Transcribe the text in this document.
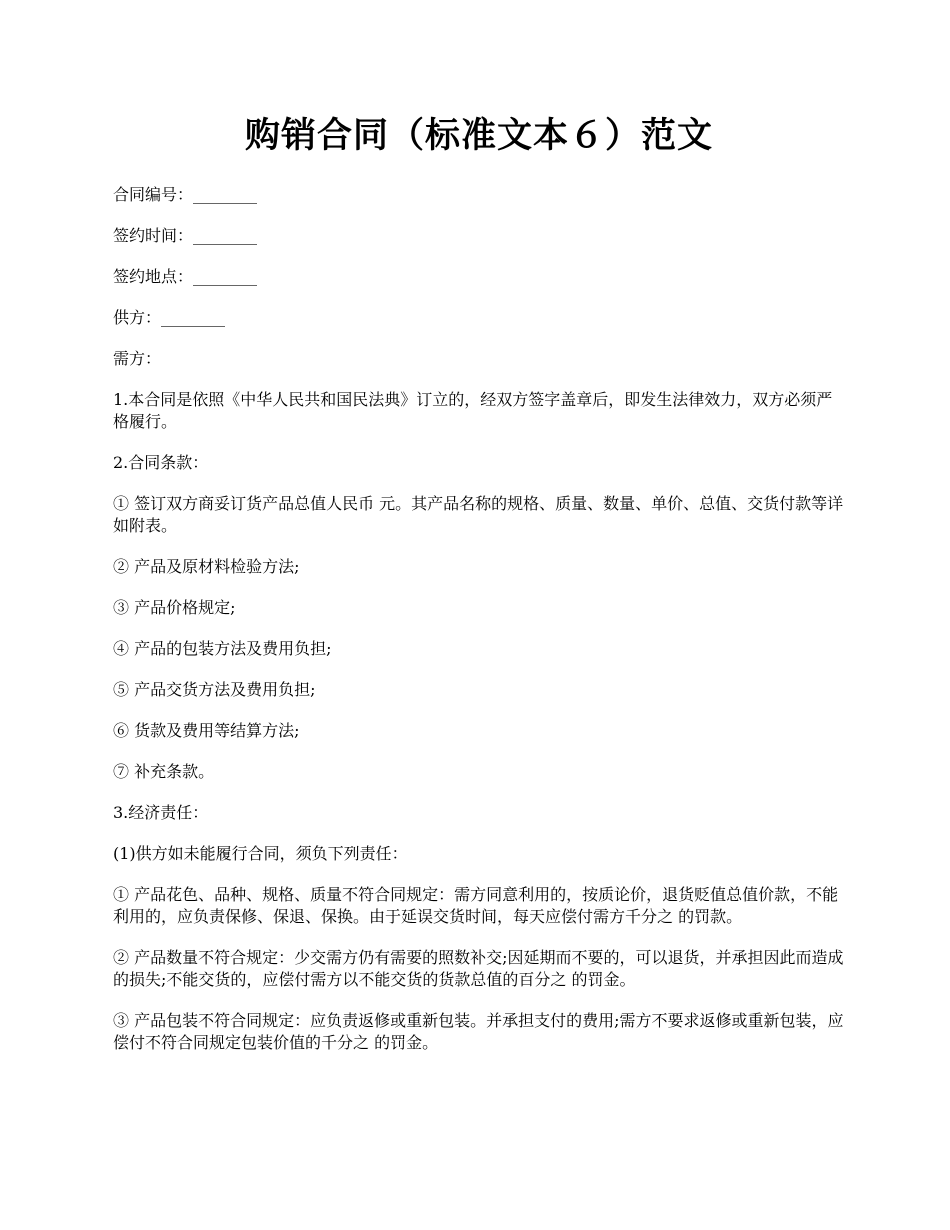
购销合同（标准文本６）范文

合同编号：________

签约时间：________

签约地点：________

供方：________

需方：

1.本合同是依照《中华人民共和国民法典》订立的，经双方签字盖章后，即发生法律效力，双方必须严格履行。

2.合同条款：

① 签订双方商妥订货产品总值人民币 元。其产品名称的规格、质量、数量、单价、总值、交货付款等详如附表。

② 产品及原材料检验方法;

③ 产品价格规定;

④ 产品的包装方法及费用负担;

⑤ 产品交货方法及费用负担;

⑥ 货款及费用等结算方法;

⑦ 补充条款。

3.经济责任：

(1)供方如未能履行合同，须负下列责任：

① 产品花色、品种、规格、质量不符合同规定：需方同意利用的，按质论价，退货贬值总值价款，不能利用的，应负责保修、保退、保换。由于延误交货时间，每天应偿付需方千分之 的罚款。

② 产品数量不符合规定：少交需方仍有需要的照数补交;因延期而不要的，可以退货，并承担因此而造成的损失;不能交货的，应偿付需方以不能交货的货款总值的百分之 的罚金。

③ 产品包装不符合同规定：应负责返修或重新包装。并承担支付的费用;需方不要求返修或重新包装，应偿付不符合同规定包装价值的千分之 的罚金。
